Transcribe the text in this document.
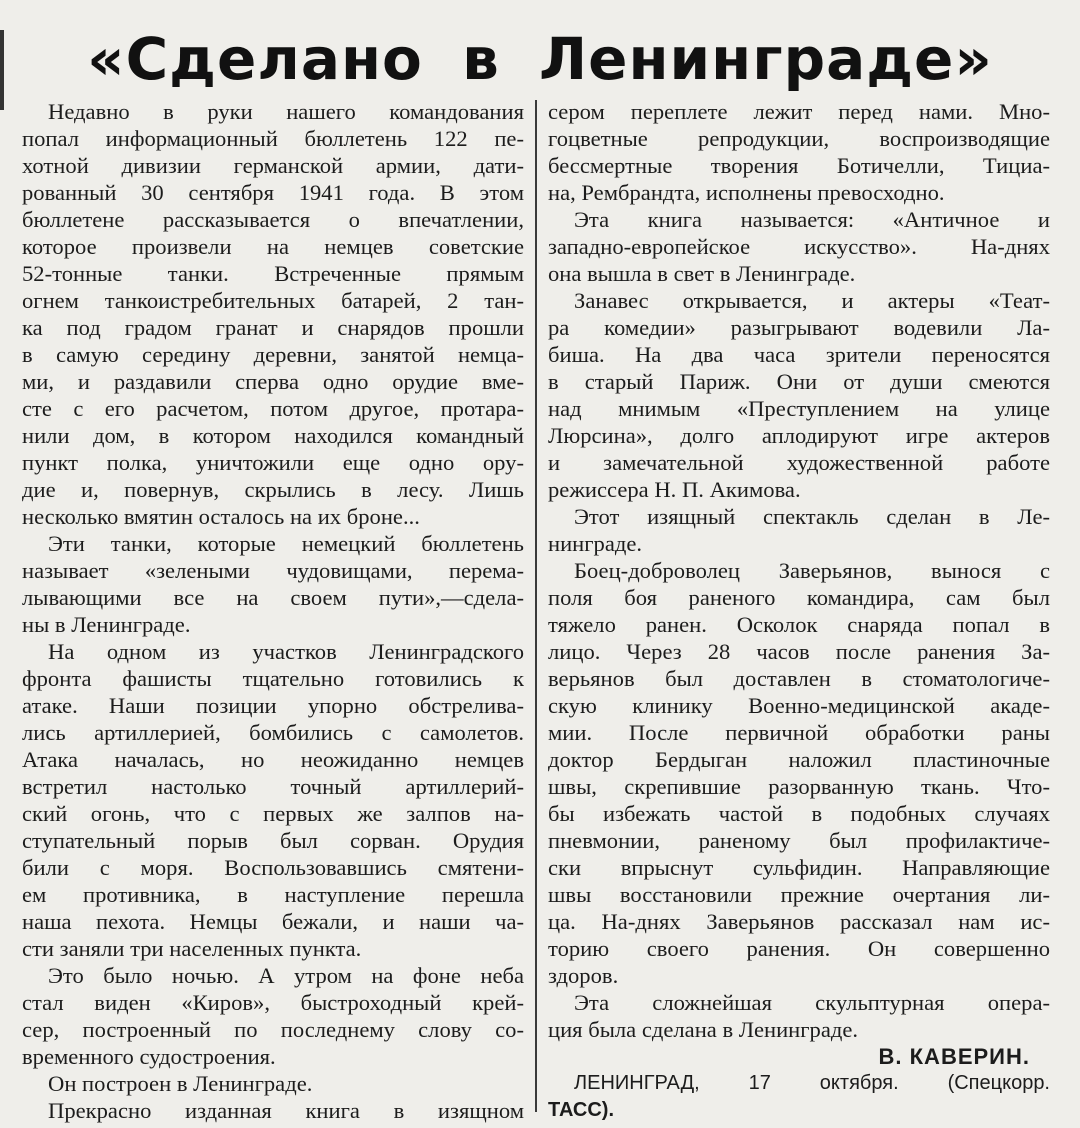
«Сделано в Ленинграде»
Недавно в руки нашего командования
попал информационный бюллетень 122 пе-
хотной дивизии германской армии, дати-
рованный 30 сентября 1941 года. В этом
бюллетене рассказывается о впечатлении,
которое произвели на немцев советские
52-тонные танки. Встреченные прямым
огнем танкоистребительных батарей, 2 тан-
ка под градом гранат и снарядов прошли
в самую середину деревни, занятой немца-
ми, и раздавили сперва одно орудие вме-
сте с его расчетом, потом другое, протара-
нили дом, в котором находился командный
пункт полка, уничтожили еще одно ору-
дие и, повернув, скрылись в лесу. Лишь
несколько вмятин осталось на их броне...
Эти танки, которые немецкий бюллетень
называет «зелеными чудовищами, перема-
лывающими все на своем пути»,—сдела-
ны в Ленинграде.
На одном из участков Ленинградского
фронта фашисты тщательно готовились к
атаке. Наши позиции упорно обстрелива-
лись артиллерией, бомбились с самолетов.
Атака началась, но неожиданно немцев
встретил настолько точный артиллерий-
ский огонь, что с первых же залпов на-
ступательный порыв был сорван. Орудия
били с моря. Воспользовавшись смятени-
ем противника, в наступление перешла
наша пехота. Немцы бежали, и наши ча-
сти заняли три населенных пункта.
Это было ночью. А утром на фоне неба
стал виден «Киров», быстроходный крей-
сер, построенный по последнему слову со-
временного судостроения.
Он построен в Ленинграде.
Прекрасно изданная книга в изящном
сером переплете лежит перед нами. Мно-
гоцветные репродукции, воспроизводящие
бессмертные творения Ботичелли, Тициа-
на, Рембрандта, исполнены превосходно.
Эта книга называется: «Античное и
западно-европейское искусство». На-днях
она вышла в свет в Ленинграде.
Занавес открывается, и актеры «Теат-
ра комедии» разыгрывают водевили Лa-
биша. На два часа зрители переносятся
в старый Париж. Они от души смеются
над мнимым «Преступлением на улице
Люрсина», долго аплодируют игре актеров
и замечательной художественной работе
режиссера Н. П. Акимова.
Этот изящный спектакль сделан в Ле-
нинграде.
Боец-доброволец Заверьянов, вынося с
поля боя раненого командира, сам был
тяжело ранен. Осколок снаряда попал в
лицо. Через 28 часов после ранения За-
верьянов был доставлен в стоматологиче-
скую клинику Военно-медицинской акаде-
мии. После первичной обработки раны
доктор Бердыган наложил пластиночные
швы, скрепившие разорванную ткань. Что-
бы избежать частой в подобных случаях
пневмонии, раненому был профилактиче-
ски впрыснут сульфидин. Направляющие
швы восстановили прежние очертания ли-
ца. На-днях Заверьянов рассказал нам ис-
торию своего ранения. Он совершенно
здоров.
Эта сложнейшая скульптурная опера-
ция была сделана в Ленинграде.
В. КАВЕРИН.
ЛЕНИНГРАД, 17 октября. (Спецкорр.
ТАСС).
